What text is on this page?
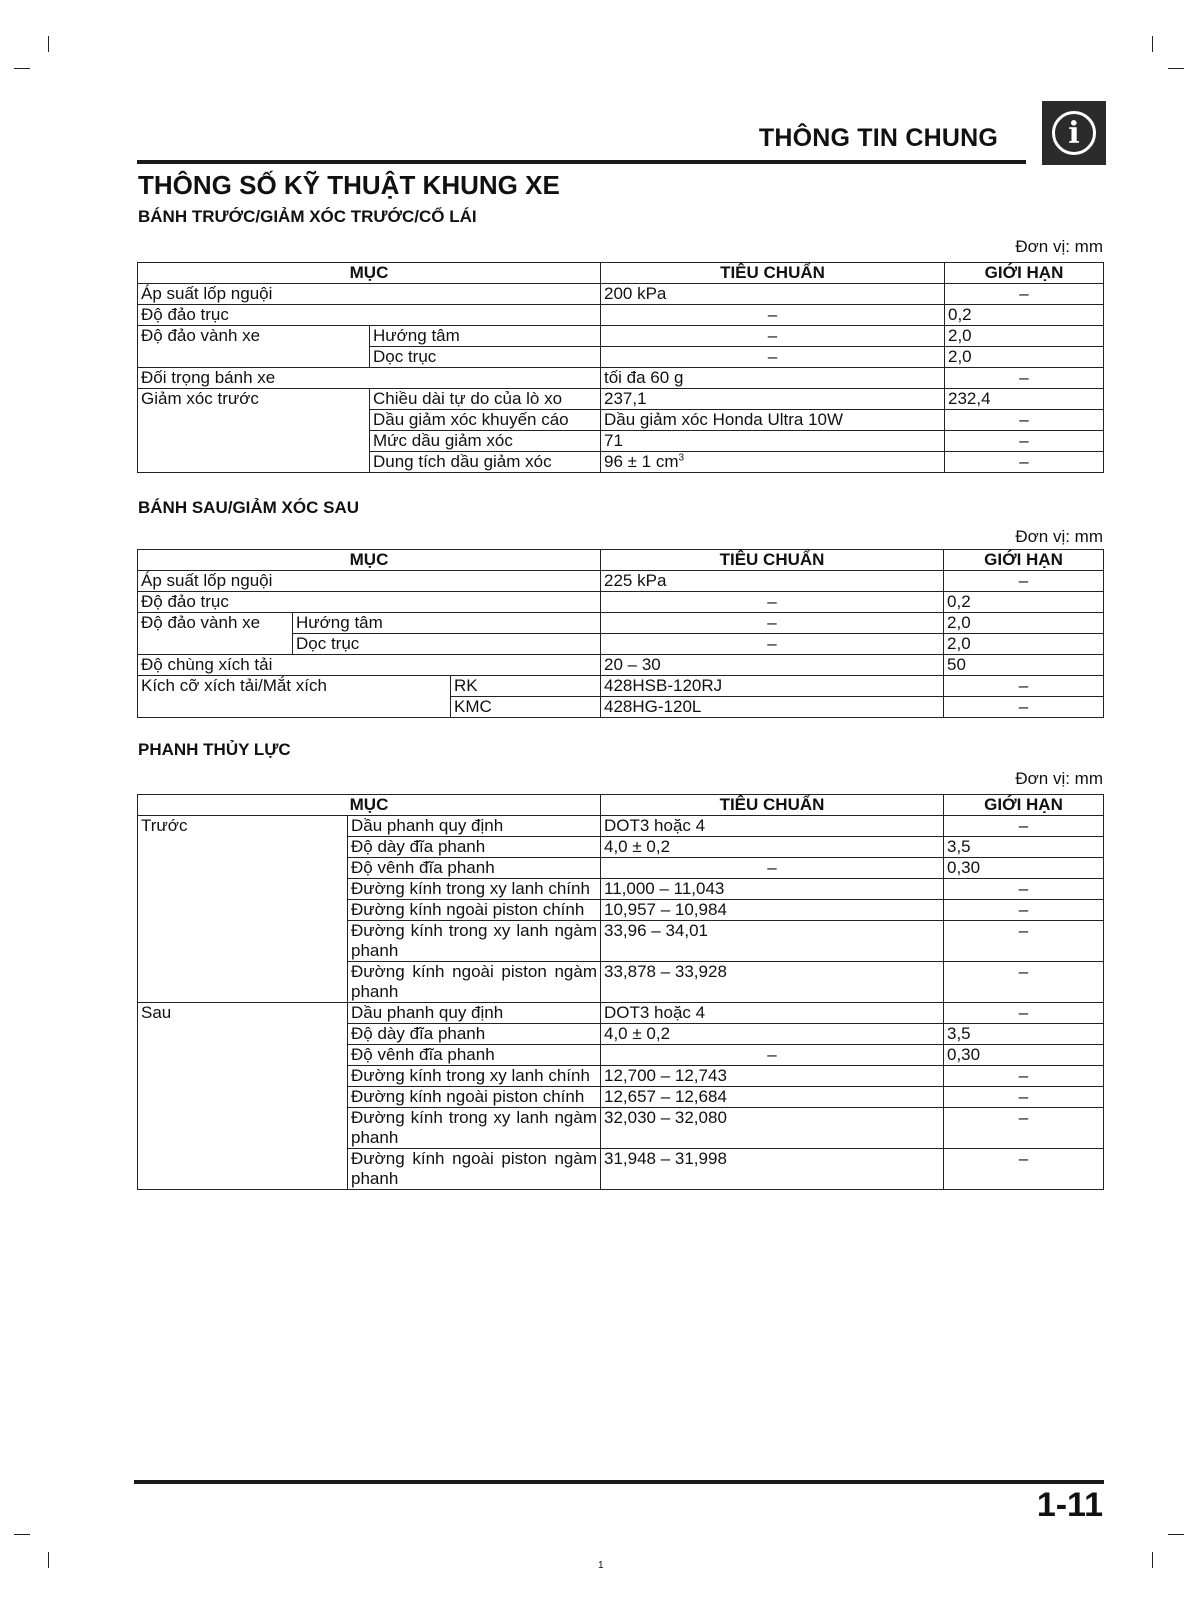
THÔNG TIN CHUNG	i
THÔNG SỐ KỸ THUẬT KHUNG XE
BÁNH TRƯỚC/GIẢM XÓC TRƯỚC/CỔ LÁI
Đơn vị: mm
MỤC		TIÊU CHUẨN	GIỚI HẠN
Áp suất lốp nguội		200 kPa	–
Độ đảo trục		–	0,2
Độ đảo vành xe	Hướng tâm	–	2,0
	Dọc trục	–	2,0
Đối trọng bánh xe		tối đa 60 g	–
Giảm xóc trước	Chiều dài tự do của lò xo	237,1	232,4
	Dầu giảm xóc khuyến cáo	Dầu giảm xóc Honda Ultra 10W	–
	Mức dầu giảm xóc	71	–
	Dung tích dầu giảm xóc	96 ± 1 $cm^3$	–
BÁNH SAU/GIẢM XÓC SAU
Đơn vị: mm
MỤC			TIÊU CHUẨN	GIỚI HẠN
Áp suất lốp nguội			225 kPa	–
Độ đảo trục			–	0,2
Độ đảo vành xe	Hướng tâm		–	2,0
	Dọc trục		–	2,0
Độ chùng xích tải			20 – 30	50
Kích cỡ xích tải/Mắt xích		RK	428HSB-120RJ	–
		KMC	428HG-120L	–
PHANH THỦY LỰC
Đơn vị: mm
MỤC		TIÊU CHUẨN	GIỚI HẠN
Trước	Dầu phanh quy định	DOT3 hoặc 4	–
	Độ dày đĩa phanh	4,0 ± 0,2	3,5
	Độ vênh đĩa phanh	–	0,30
	Đường kính trong xy lanh chính	11,000 – 11,043	–
	Đường kính ngoài piston chính	10,957 – 10,984	–
	Đường kính trong xy lanh ngàm phanh	33,96 – 34,01	–
	Đường kính ngoài piston ngàm phanh	33,878 – 33,928	–
Sau	Dầu phanh quy định	DOT3 hoặc 4	–
	Độ dày đĩa phanh	4,0 ± 0,2	3,5
	Độ vênh đĩa phanh	–	0,30
	Đường kính trong xy lanh chính	12,700 – 12,743	–
	Đường kính ngoài piston chính	12,657 – 12,684	–
	Đường kính trong xy lanh ngàm phanh	32,030 – 32,080	–
	Đường kính ngoài piston ngàm phanh	31,948 – 31,998	–
1-11
1
